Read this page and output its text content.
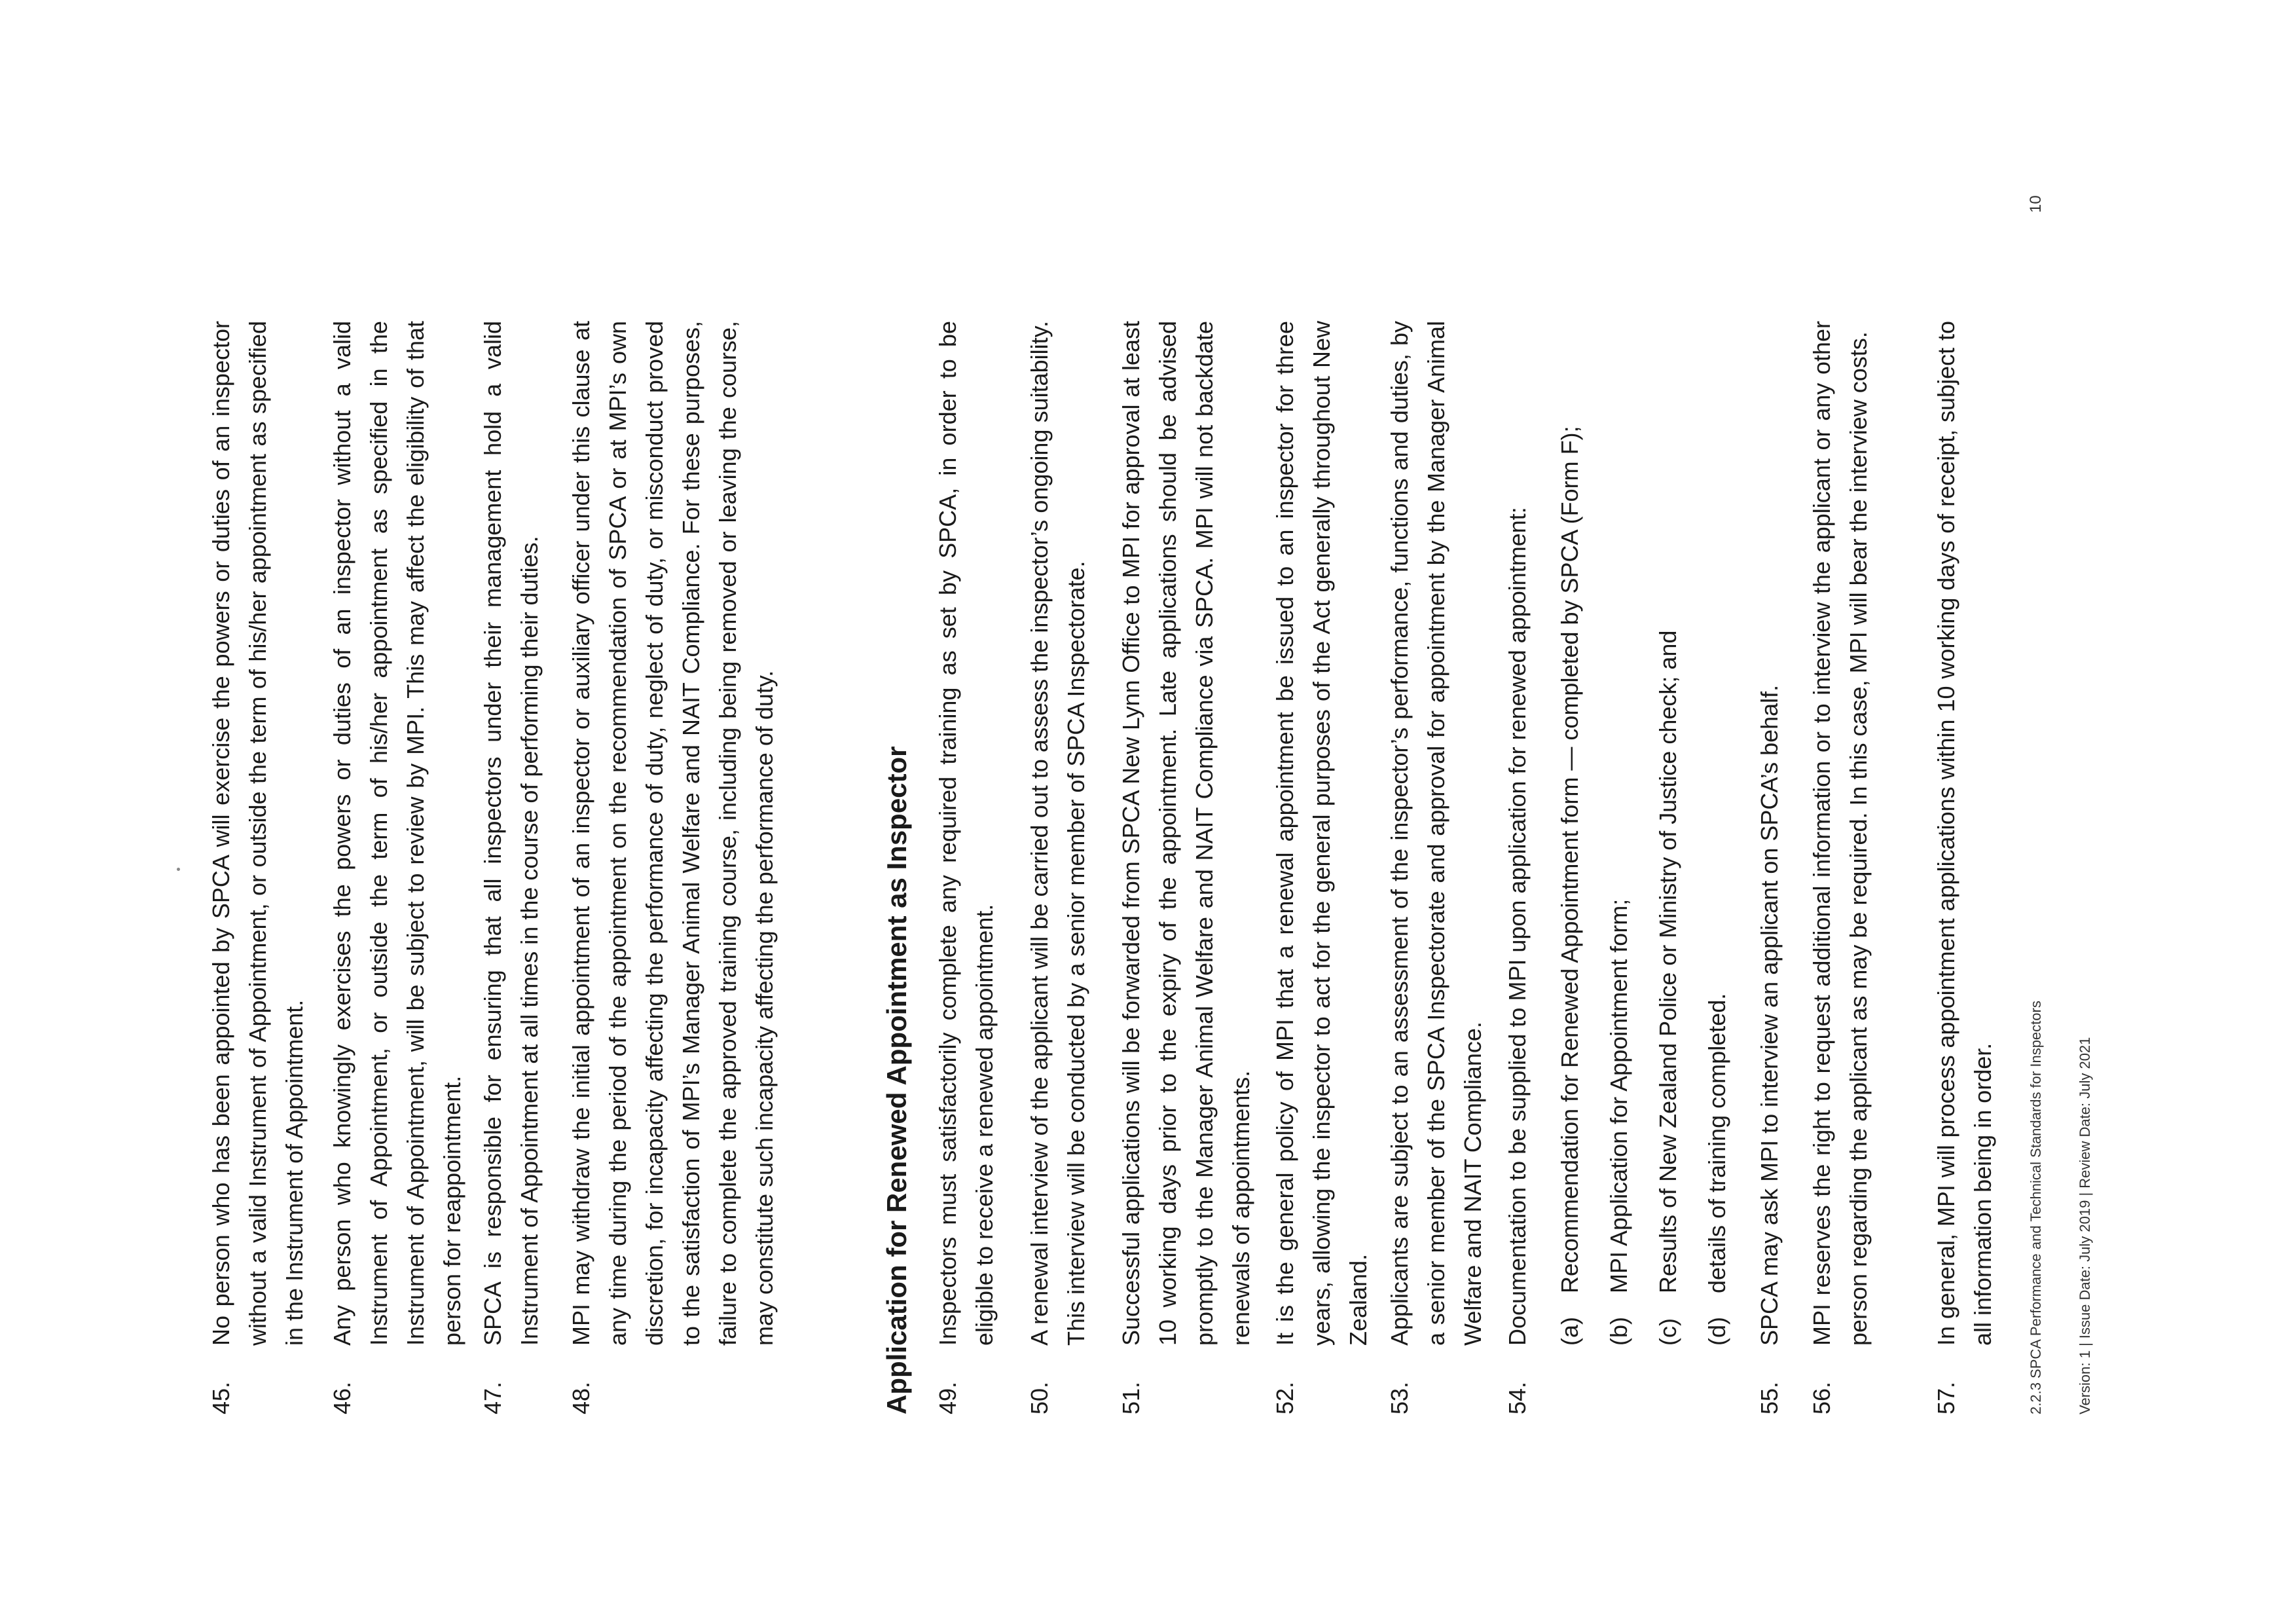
45.
No person who has been appointed by SPCA will exercise the powers or duties of an inspector without a valid Instrument of Appointment, or outside the term of his/her appointment as specified in the Instrument of Appointment.
46.
Any person who knowingly exercises the powers or duties of an inspector without a valid Instrument of Appointment, or outside the term of his/her appointment as specified in the Instrument of Appointment, will be subject to review by MPI. This may affect the eligibility of that person for reappointment.
47.
SPCA is responsible for ensuring that all inspectors under their management hold a valid Instrument of Appointment at all times in the course of performing their duties.
48.
MPI may withdraw the initial appointment of an inspector or auxiliary officer under this clause at any time during the period of the appointment on the recommendation of SPCA or at MPI’s own discretion, for incapacity affecting the performance of duty, neglect of duty, or misconduct proved to the satisfaction of MPI’s Manager Animal Welfare and NAIT Compliance. For these purposes, failure to complete the approved training course, including being removed or leaving the course, may constitute such incapacity affecting the performance of duty.	Application for Renewed Appointment as Inspector 49.
Inspectors must satisfactorily complete any required training as set by SPCA, in order to be eligible to receive a renewed appointment.
50.
A renewal interview of the applicant will be carried out to assess the inspector’s ongoing suitability. This interview will be conducted by a senior member of SPCA Inspectorate.
51.
Successful applications will be forwarded from SPCA New Lynn Office to MPI for approval at least 10 working days prior to the expiry of the appointment. Late applications should be advised promptly to the Manager Animal Welfare and NAIT Compliance via SPCA. MPI will not backdate renewals of appointments.
52.
It is the general policy of MPI that a renewal appointment be issued to an inspector for three years, allowing the inspector to act for the general purposes of the Act generally throughout New Zealand.
53.
Applicants are subject to an assessment of the inspector’s performance, functions and duties, by a senior member of the SPCA Inspectorate and approval for appointment by the Manager Animal Welfare and NAIT Compliance.
54.
Documentation to be supplied to MPI upon application for renewed appointment: (a)
Recommendation for Renewed Appointment form — completed by SPCA (Form F);
(b)
MPI Application for Appointment form;
(c)
Results of New Zealand Police or Ministry of Justice check; and
(d)
details of training completed.
55.
SPCA may ask MPI to interview an applicant on SPCA’s behalf.
56.
MPI reserves the right to request additional information or to interview the applicant or any other person regarding the applicant as may be required. In this case, MPI will bear the interview costs.
57.
In general, MPI will process appointment applications within 10 working days of receipt, subject to all information being in order.	2.2.3 SPCA Performance and Technical Standards for Inspectors Version: 1 | Issue Date: July 2019 | Review Date: July 2021
10
